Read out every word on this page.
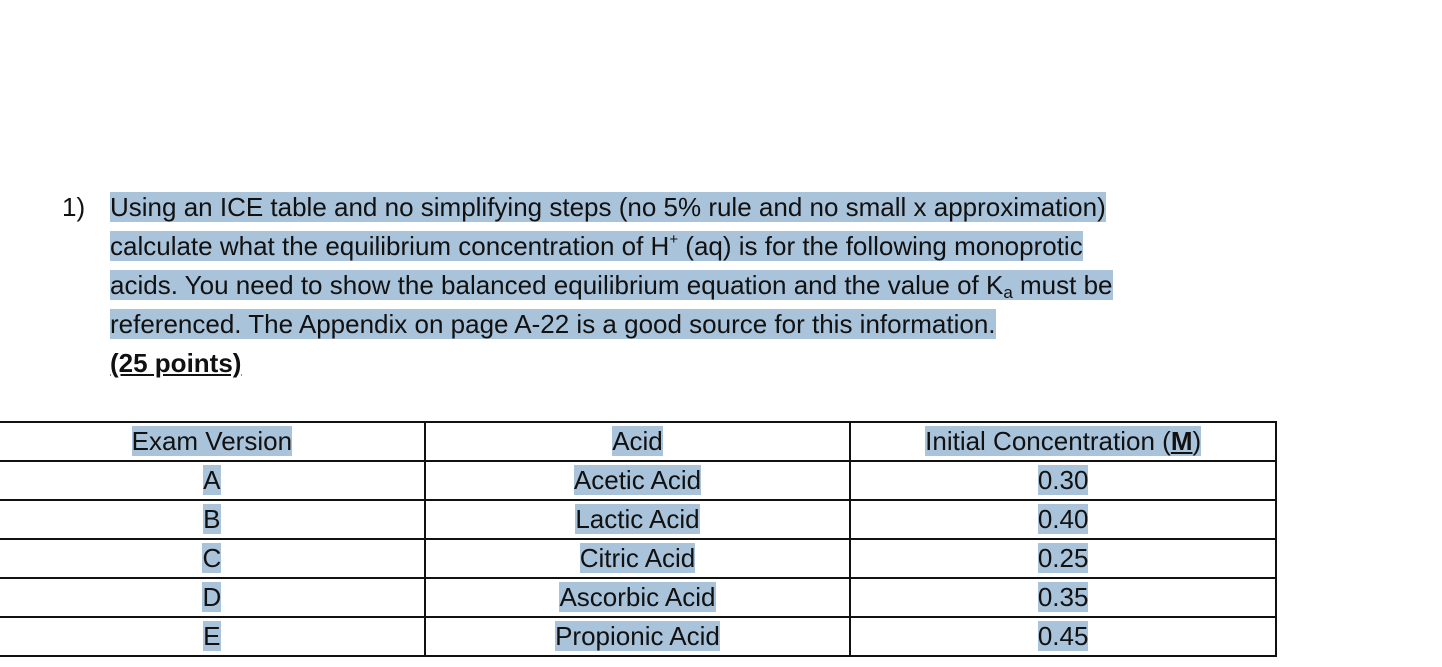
1) Using an ICE table and no simplifying steps (no 5% rule and no small x approximation)
calculate what the equilibrium concentration of H+ (aq) is for the following monoprotic
acids. You need to show the balanced equilibrium equation and the value of $K_a$ must be
referenced. The Appendix on page A-22 is a good source for this information.
(25 points)
Exam Version	Acid	Initial Concentration (M)
A	Acetic Acid	0.30
B	Lactic Acid	0.40
C	Citric Acid	0.25
D	Ascorbic Acid	0.35
E	Propionic Acid	0.45
